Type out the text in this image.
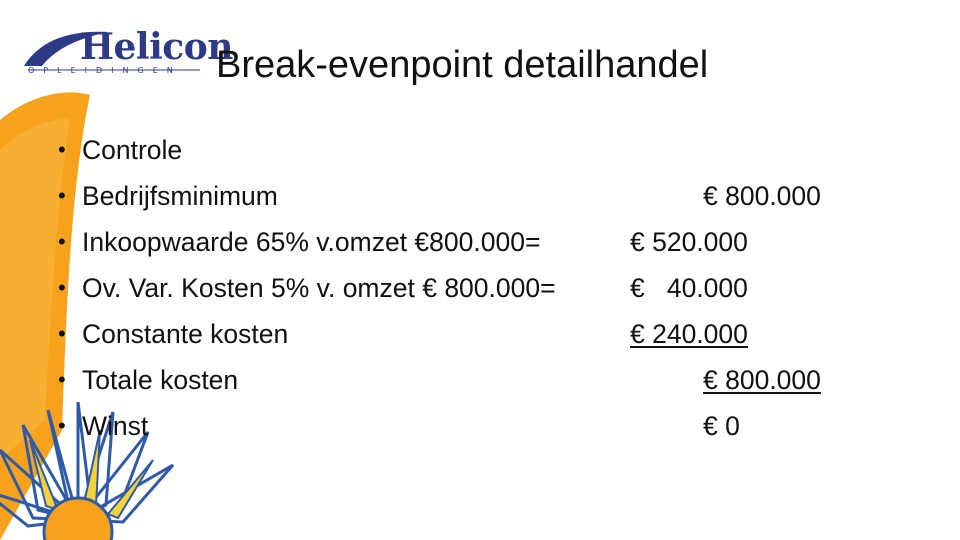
Helicon
OPLEIDINGEN Break-evenpoint detailhandel
• Controle
• Bedrijfsminimum
• Inkoopwaarde 65% v.omzet €800.000=
• Ov. Var. Kosten 5% v. omzet € 800.000=
• Constante kosten
• Totale kosten
• Winst
€ 800.000
€ 520.000
€   40.000
€ 240.000
€ 800.000
€ 0
